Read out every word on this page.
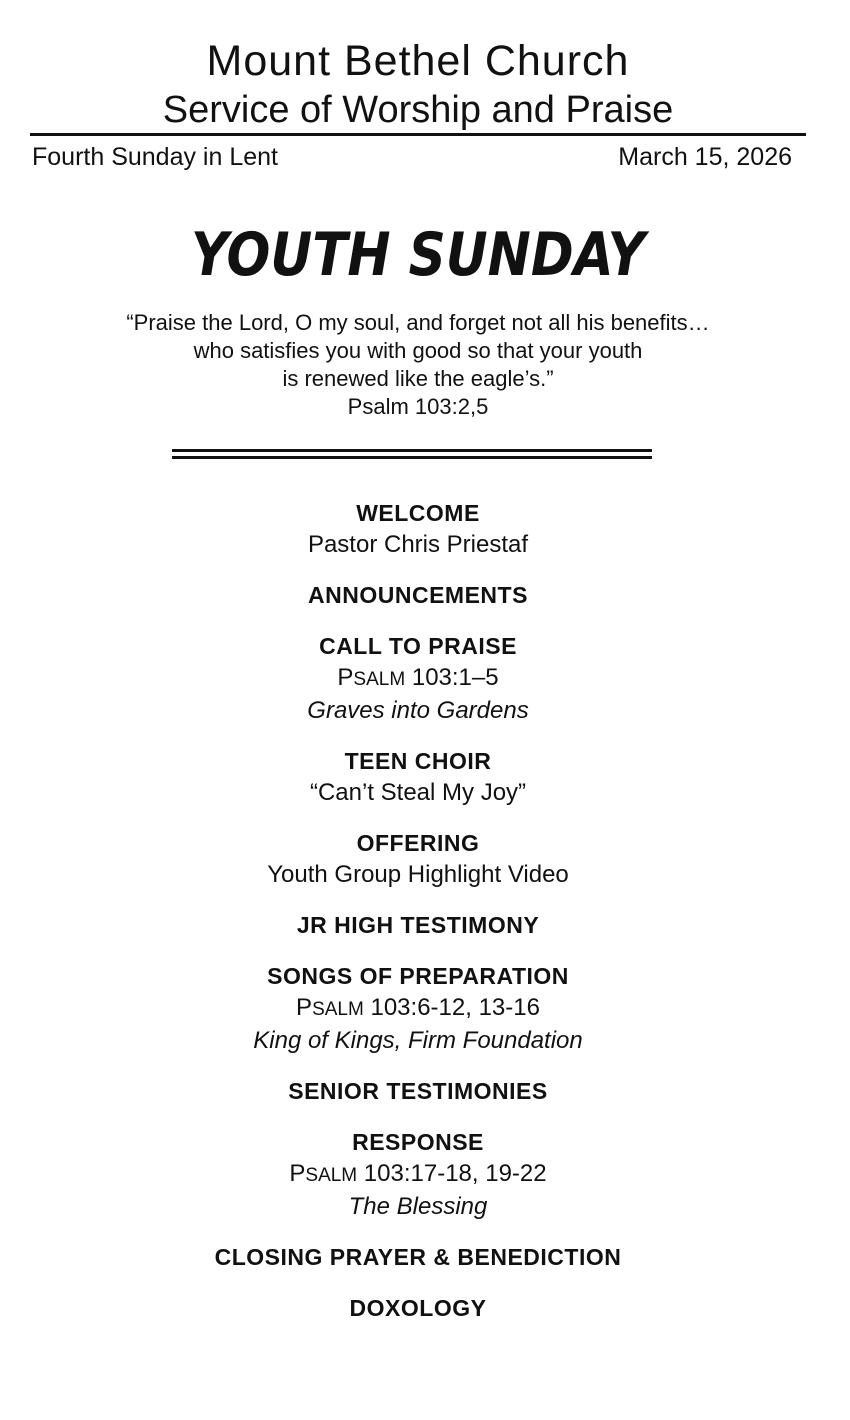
Mount Bethel Church
Service of Worship and Praise
Fourth Sunday in Lent	March 15, 2026
YOUTH SUNDAY
“Praise the Lord, O my soul, and forget not all his benefits…
who satisfies you with good so that your youth
is renewed like the eagle’s.”
Psalm 103:2,5
WELCOME
Pastor Chris Priestaf
ANNOUNCEMENTS
CALL TO PRAISE
PSALM 103:1–5
Graves into Gardens
TEEN CHOIR
“Can’t Steal My Joy”
OFFERING
Youth Group Highlight Video
JR HIGH TESTIMONY
SONGS OF PREPARATION
PSALM 103:6-12, 13-16
King of Kings, Firm Foundation
SENIOR TESTIMONIES
RESPONSE
PSALM 103:17-18, 19-22
The Blessing
CLOSING PRAYER & BENEDICTION
DOXOLOGY
